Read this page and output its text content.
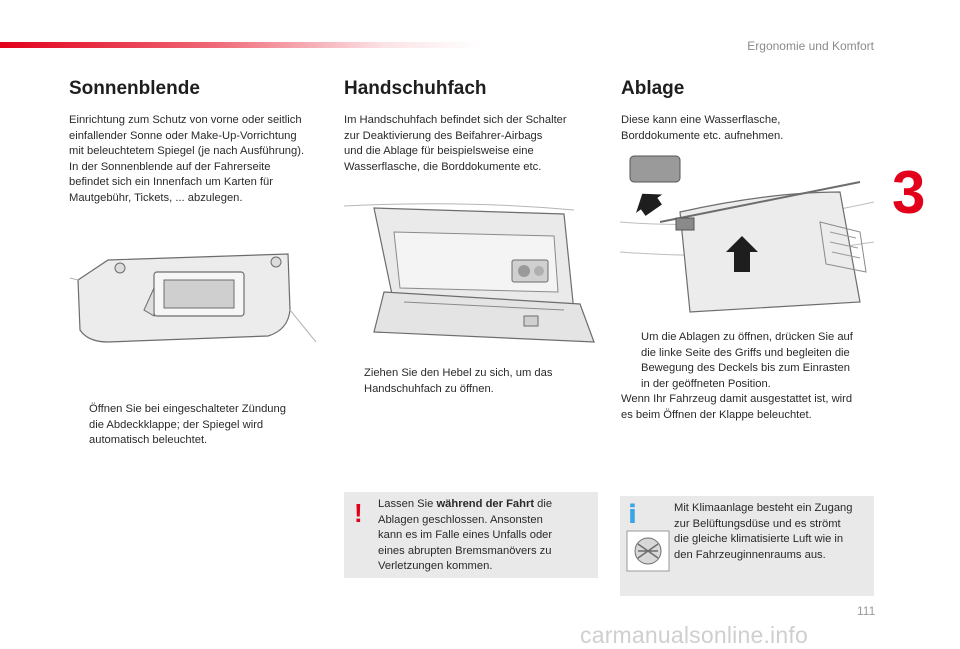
Ergonomie und Komfort
3
Sonnenblende
Einrichtung zum Schutz von vorne oder seitlich
einfallender Sonne oder Make-Up-Vorrichtung
mit beleuchtetem Spiegel (je nach Ausführung).
In der Sonnenblende auf der Fahrerseite
befindet sich ein Innenfach um Karten für
Mautgebühr, Tickets, ... abzulegen.
Öffnen Sie bei eingeschalteter Zündung
die Abdeckklappe; der Spiegel wird
automatisch beleuchtet.
Handschuhfach
Im Handschuhfach befindet sich der Schalter
zur Deaktivierung des Beifahrer-Airbags
und die Ablage für beispielsweise eine
Wasserflasche, die Borddokumente etc.
Ziehen Sie den Hebel zu sich, um das
Handschuhfach zu öffnen.
! Lassen Sie während der Fahrt die
Ablagen geschlossen. Ansonsten
kann es im Falle eines Unfalls oder
eines abrupten Bremsmanövers zu
Verletzungen kommen.
Ablage
Diese kann eine Wasserflasche,
Borddokumente etc. aufnehmen.
Um die Ablagen zu öffnen, drücken Sie auf
die linke Seite des Griffs und begleiten die
Bewegung des Deckels bis zum Einrasten
in der geöffneten Position.
Wenn Ihr Fahrzeug damit ausgestattet ist, wird
es beim Öffnen der Klappe beleuchtet.
i	Mit Klimaanlage besteht ein Zugang
zur Belüftungsdüse und es strömt
die gleiche klimatisierte Luft wie in
den Fahrzeuginnenraums aus.
111
carmanualsonline.info
